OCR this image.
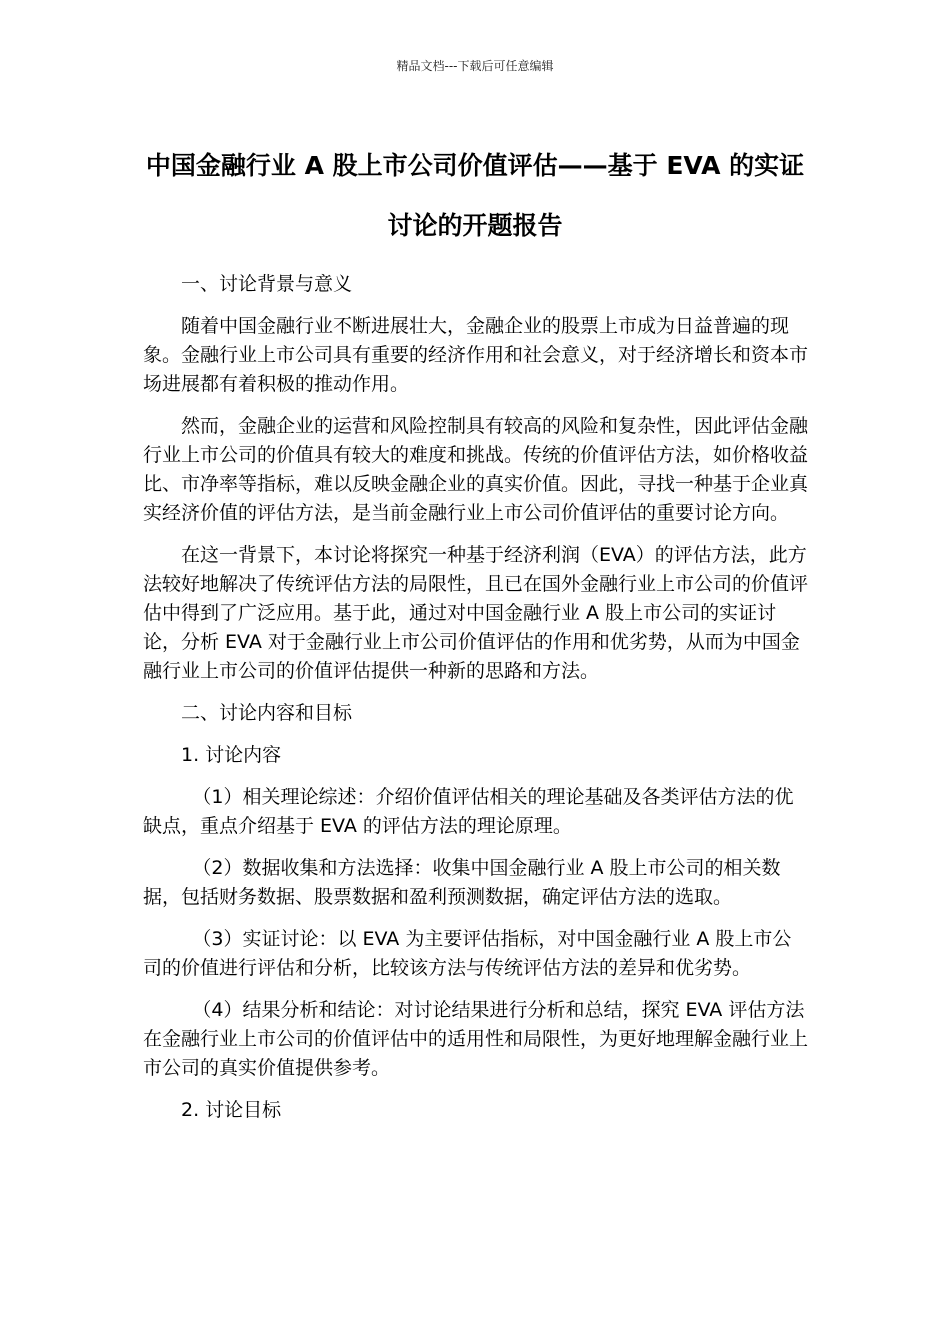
精品文档---下载后可任意编辑
中国金融行业 A 股上市公司价值评估——基于 EVA 的实证讨论的开题报告

一、讨论背景与意义

随着中国金融行业不断进展壮大，金融企业的股票上市成为日益普遍的现象。金融行业上市公司具有重要的经济作用和社会意义，对于经济增长和资本市场进展都有着积极的推动作用。

然而，金融企业的运营和风险控制具有较高的风险和复杂性，因此评估金融行业上市公司的价值具有较大的难度和挑战。传统的价值评估方法，如价格收益比、市净率等指标，难以反映金融企业的真实价值。因此，寻找一种基于企业真实经济价值的评估方法，是当前金融行业上市公司价值评估的重要讨论方向。

在这一背景下，本讨论将探究一种基于经济利润（EVA）的评估方法，此方法较好地解决了传统评估方法的局限性，且已在国外金融行业上市公司的价值评估中得到了广泛应用。基于此，通过对中国金融行业 A 股上市公司的实证讨论，分析 EVA 对于金融行业上市公司价值评估的作用和优劣势，从而为中国金融行业上市公司的价值评估提供一种新的思路和方法。

二、讨论内容和目标

1. 讨论内容

（1）相关理论综述：介绍价值评估相关的理论基础及各类评估方法的优缺点，重点介绍基于 EVA 的评估方法的理论原理。

（2）数据收集和方法选择：收集中国金融行业 A 股上市公司的相关数据，包括财务数据、股票数据和盈利预测数据，确定评估方法的选取。

（3）实证讨论：以 EVA 为主要评估指标，对中国金融行业 A 股上市公司的价值进行评估和分析，比较该方法与传统评估方法的差异和优劣势。

（4）结果分析和结论：对讨论结果进行分析和总结，探究 EVA 评估方法在金融行业上市公司的价值评估中的适用性和局限性，为更好地理解金融行业上市公司的真实价值提供参考。

2. 讨论目标
